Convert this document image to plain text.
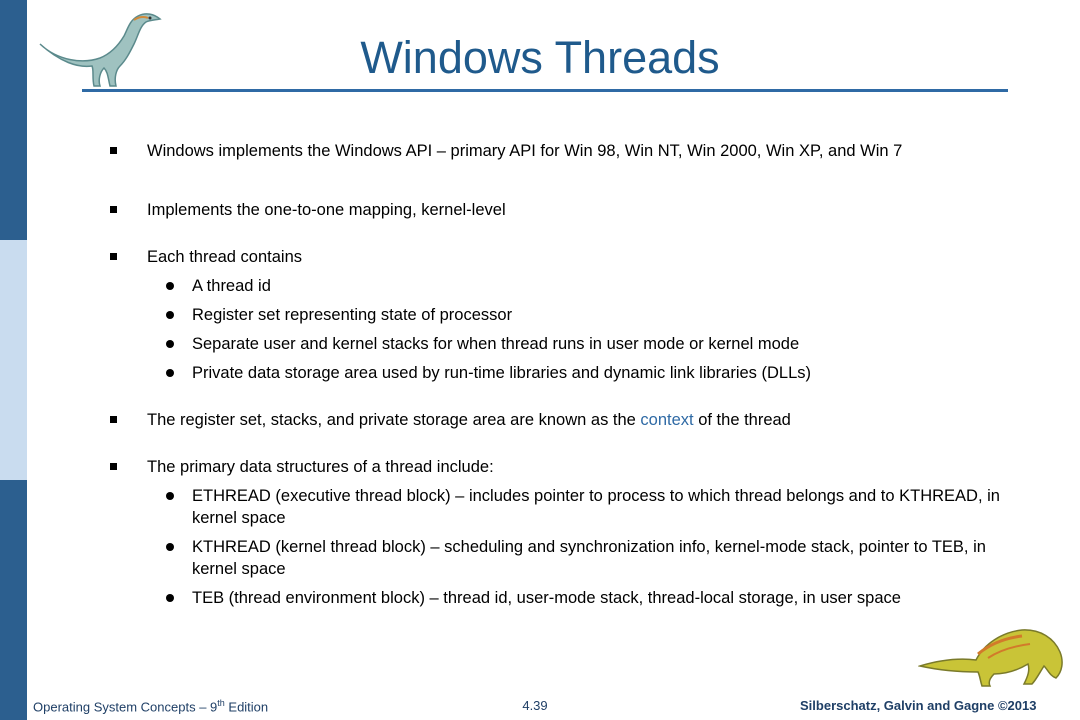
Windows Threads
Windows implements the Windows API – primary API for Win 98, Win NT, Win 2000, Win XP, and Win 7
Implements the one-to-one mapping, kernel-level
Each thread contains
A thread id
Register set representing state of processor
Separate user and kernel stacks for when thread runs in user mode or kernel mode
Private data storage area used by run-time libraries and dynamic link libraries (DLLs)
The register set, stacks, and private storage area are known as the context of the thread
The primary data structures of a thread include:
ETHREAD (executive thread block) – includes pointer to process to which thread belongs and to KTHREAD, in kernel space
KTHREAD (kernel thread block) – scheduling and synchronization info, kernel-mode stack, pointer to TEB, in kernel space
TEB (thread environment block) – thread id, user-mode stack, thread-local storage, in user space
Operating System Concepts – 9th Edition	4.39	Silberschatz, Galvin and Gagne ©2013
